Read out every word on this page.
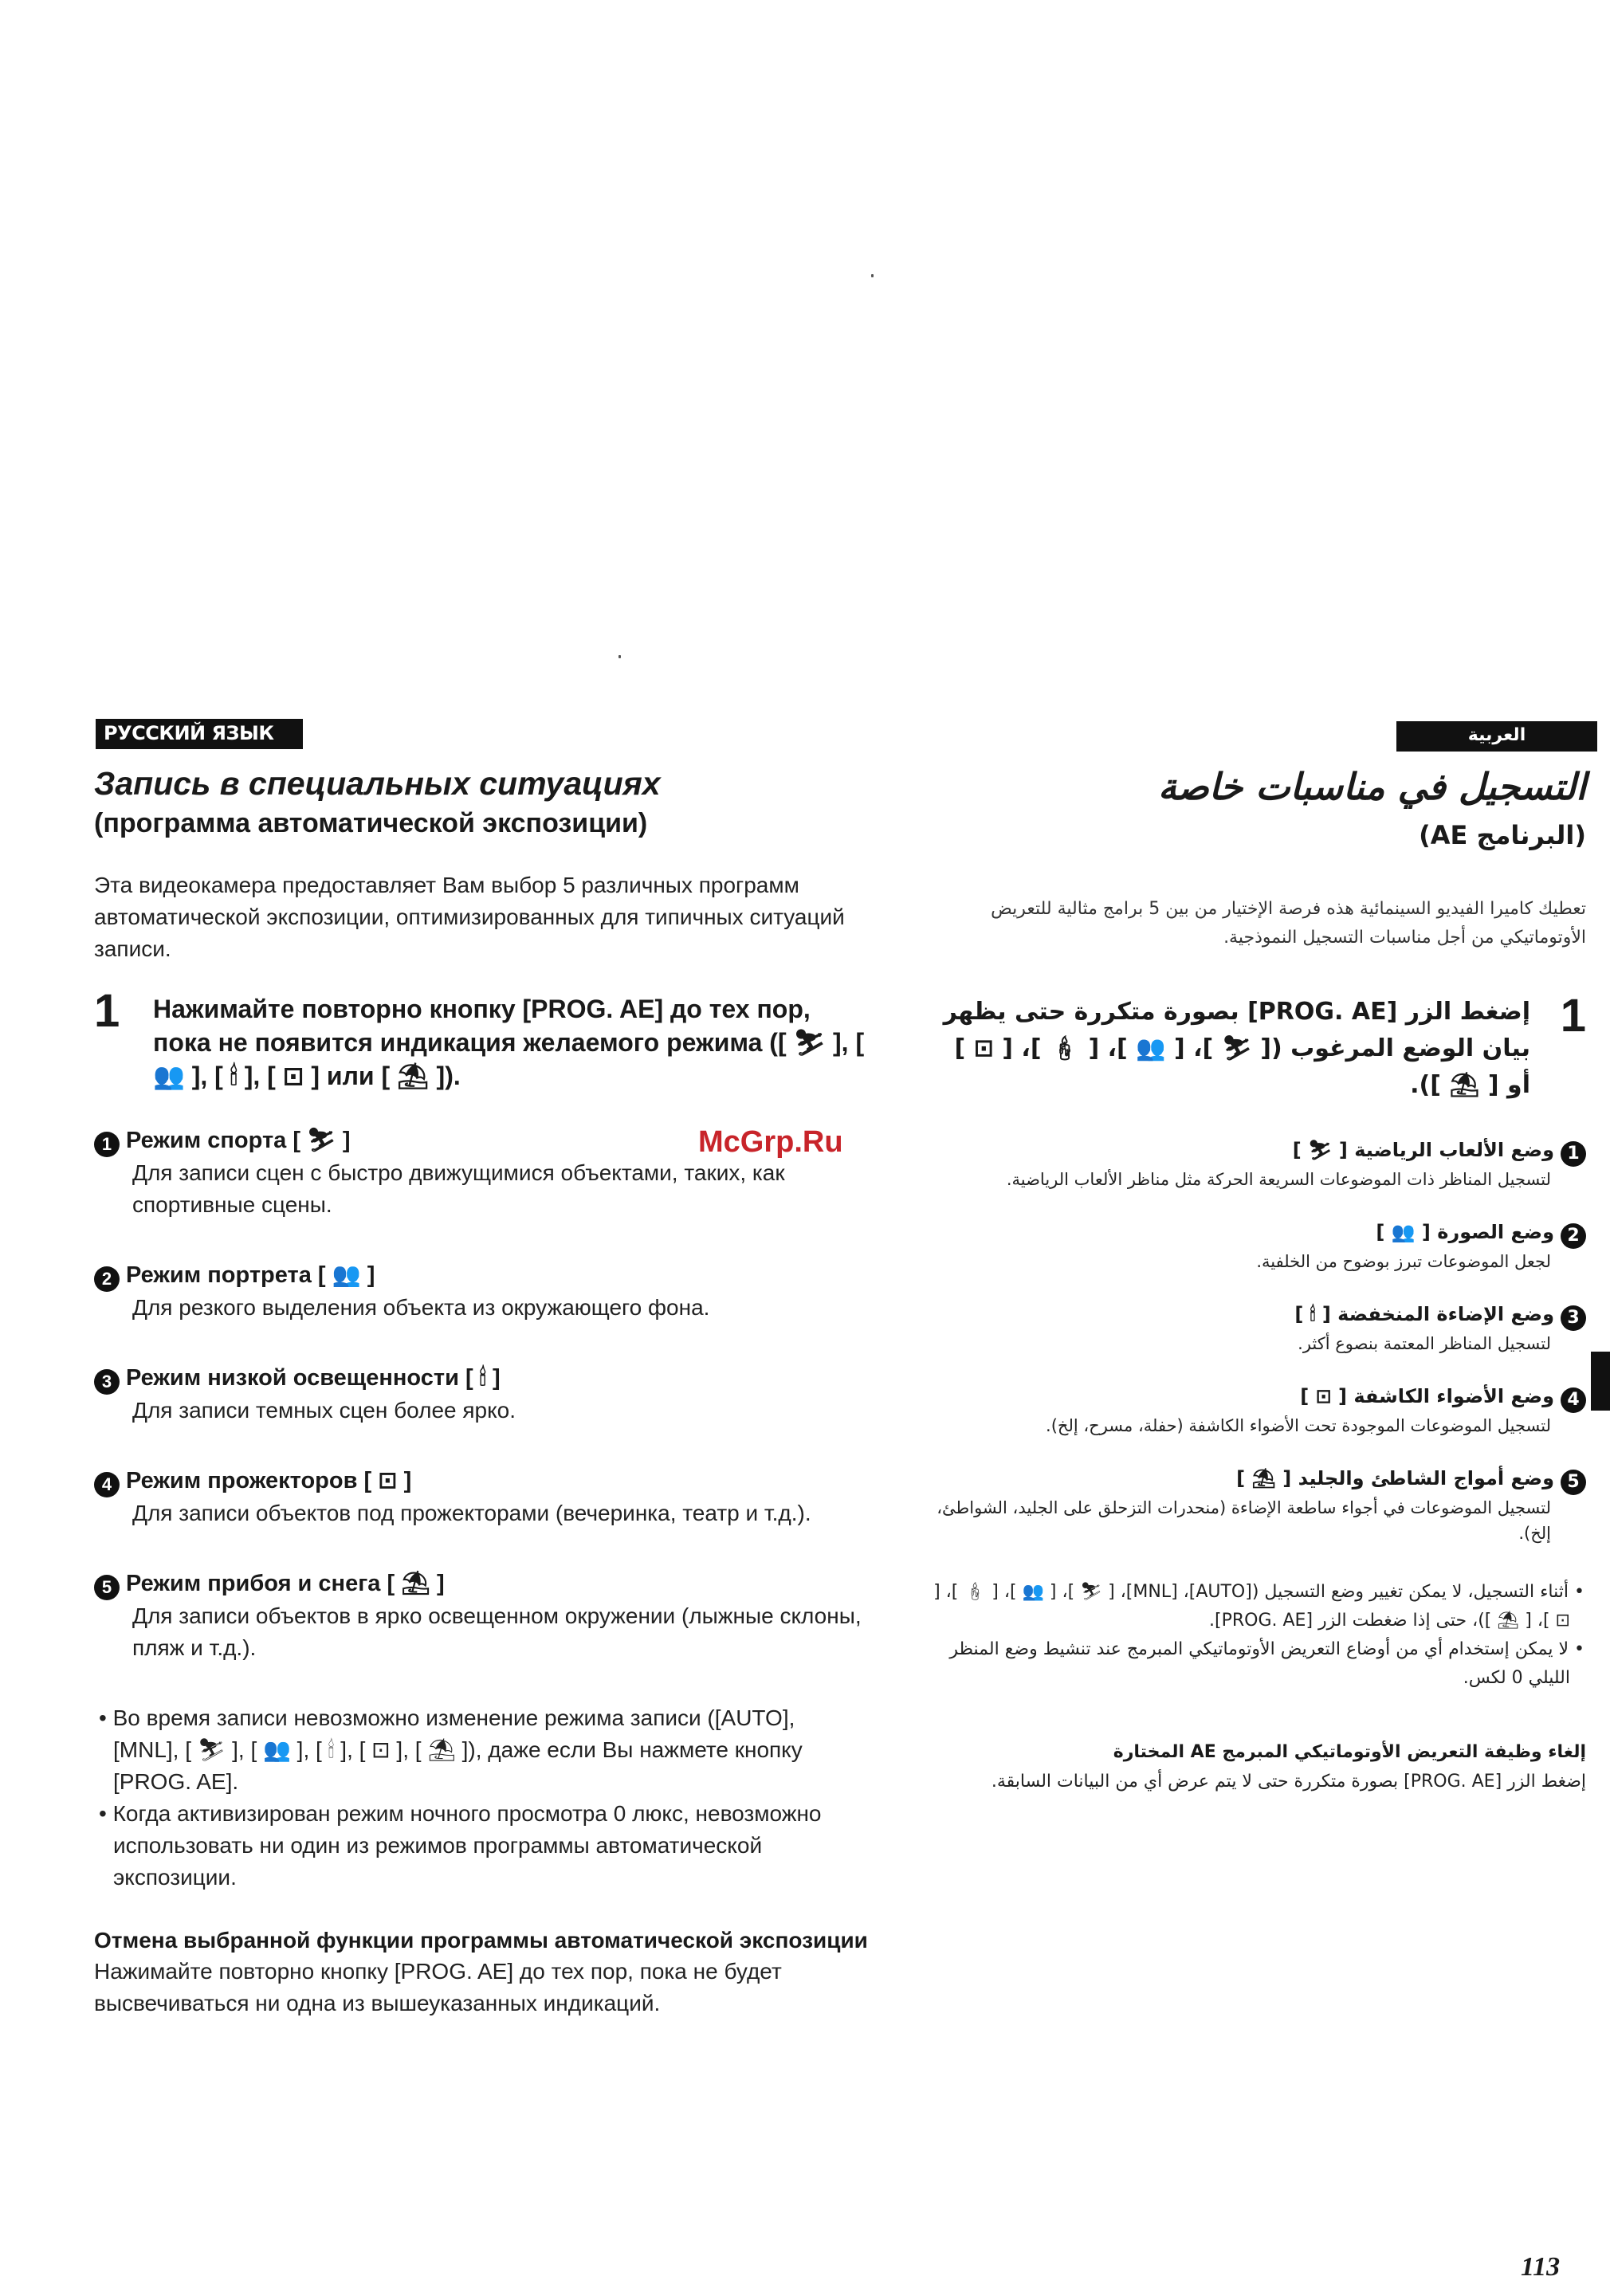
РУССКИЙ ЯЗЫК
Запись в специальных ситуациях
(программа автоматической экспозиции)
Эта видеокамера предоставляет Вам выбор 5 различных программ автоматической экспозиции, оптимизированных для типичных ситуаций записи.
1 Нажимайте повторно кнопку [PROG. AE] до тех пор, пока не появится индикация желаемого режима ([ ⛷ ], [ 👥 ], [ 🕯 ], [ ⊡ ] или [ ⛱ ]).
1 Режим спорта [ ⛷ ]
Для записи сцен с быстро движущимися объектами, таких, как спортивные сцены.
2 Режим портрета [ 👥 ]
Для резкого выделения объекта из окружающего фона.
3 Режим низкой освещенности [ 🕯 ]
Для записи темных сцен более ярко.
4 Режим прожекторов [ ⊡ ]
Для записи объектов под прожекторами (вечеринка, театр и т.д.).
5 Режим прибоя и снега [ ⛱ ]
Для записи объектов в ярко освещенном окружении (лыжные склоны, пляж и т.д.).
• Во время записи невозможно изменение режима записи ([AUTO], [MNL], [ ⛷ ], [ 👥 ], [ 🕯 ], [ ⊡ ], [ ⛱ ]), даже если Вы нажмете кнопку [PROG. AE].
• Когда активизирован режим ночного просмотра 0 люкс, невозможно использовать ни один из режимов программы автоматической экспозиции.
Отмена выбранной функции программы автоматической экспозиции
Нажимайте повторно кнопку [PROG. AE] до тех пор, пока не будет высвечиваться ни одна из вышеуказанных индикаций.
McGrp.Ru
العربية
التسجيل في مناسبات خاصة
(البرنامج AE)
تعطيك كاميرا الفيديو السينمائية هذه فرصة الإختيار من بين 5 برامج مثالية للتعريض الأوتوماتيكي من أجل مناسبات التسجيل النموذجية.
1
إضغط الزر [PROG. AE] بصورة متكررة حتى يظهر بيان الوضع المرغوب ([ ⛷ ]، [ 👥 ]، [ 🕯 ]، [ ⊡ ] أو [ ⛱ ]).
1وضع الألعاب الرياضية [ ⛷ ]
لتسجيل المناظر ذات الموضوعات السريعة الحركة مثل مناظر الألعاب الرياضية.
2وضع الصورة [ 👥 ]
لجعل الموضوعات تبرز بوضوح من الخلفية.
3وضع الإضاءة المنخفضة [ 🕯 ]
لتسجيل المناظر المعتمة بنصوع أكثر.
4وضع الأضواء الكاشفة [ ⊡ ]
لتسجيل الموضوعات الموجودة تحت الأضواء الكاشفة (حفلة، مسرح، إلخ).
5وضع أمواج الشاطئ والجليد [ ⛱ ]
لتسجيل الموضوعات في أجواء ساطعة الإضاءة (منحدرات التزحلق على الجليد، الشواطئ، إلخ).
• أثناء التسجيل، لا يمكن تغيير وضع التسجيل ([AUTO]، [MNL]، [ ⛷ ]، [ 👥 ]، [ 🕯 ]، [ ⊡ ]، [ ⛱ ])، حتى إذا ضغطت الزر [PROG. AE].
• لا يمكن إستخدام أي من أوضاع التعريض الأوتوماتيكي المبرمج عند تنشيط وضع المنظر الليلي 0 لكس.
إلغاء وظيفة التعريض الأوتوماتيكي المبرمج AE المختارة
إضغط الزر [PROG. AE] بصورة متكررة حتى لا يتم عرض أي من البيانات السابقة.
113
